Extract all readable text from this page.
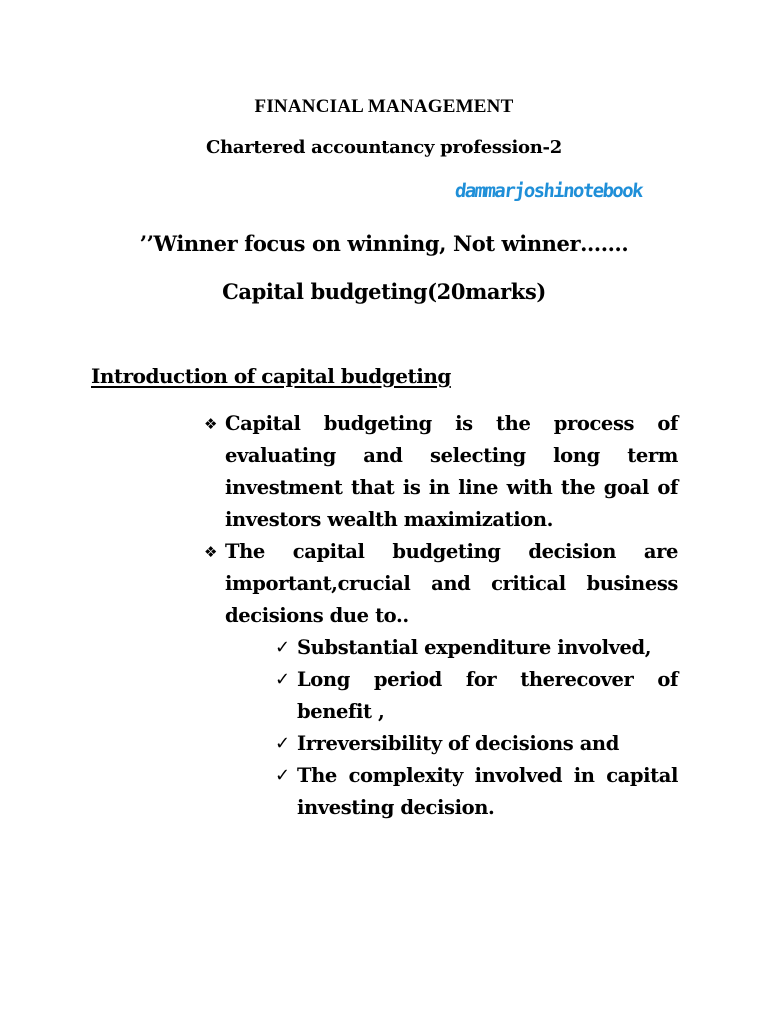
FINANCIAL MANAGEMENT
Chartered accountancy profession-2
dammarjoshinotebook
’’Winner focus on winning, Not winner…….
Capital budgeting(20marks)
Introduction of capital budgeting
❖ Capital budgeting is the process of evaluating and selecting long term investment that is in line with the goal of investors wealth maximization.
❖ The capital budgeting decision are important,crucial and critical business decisions due to..
✓ Substantial expenditure involved,
✓ Long period for therecover of benefit ,
✓ Irreversibility of decisions and
✓ The complexity involved in capital investing decision.
